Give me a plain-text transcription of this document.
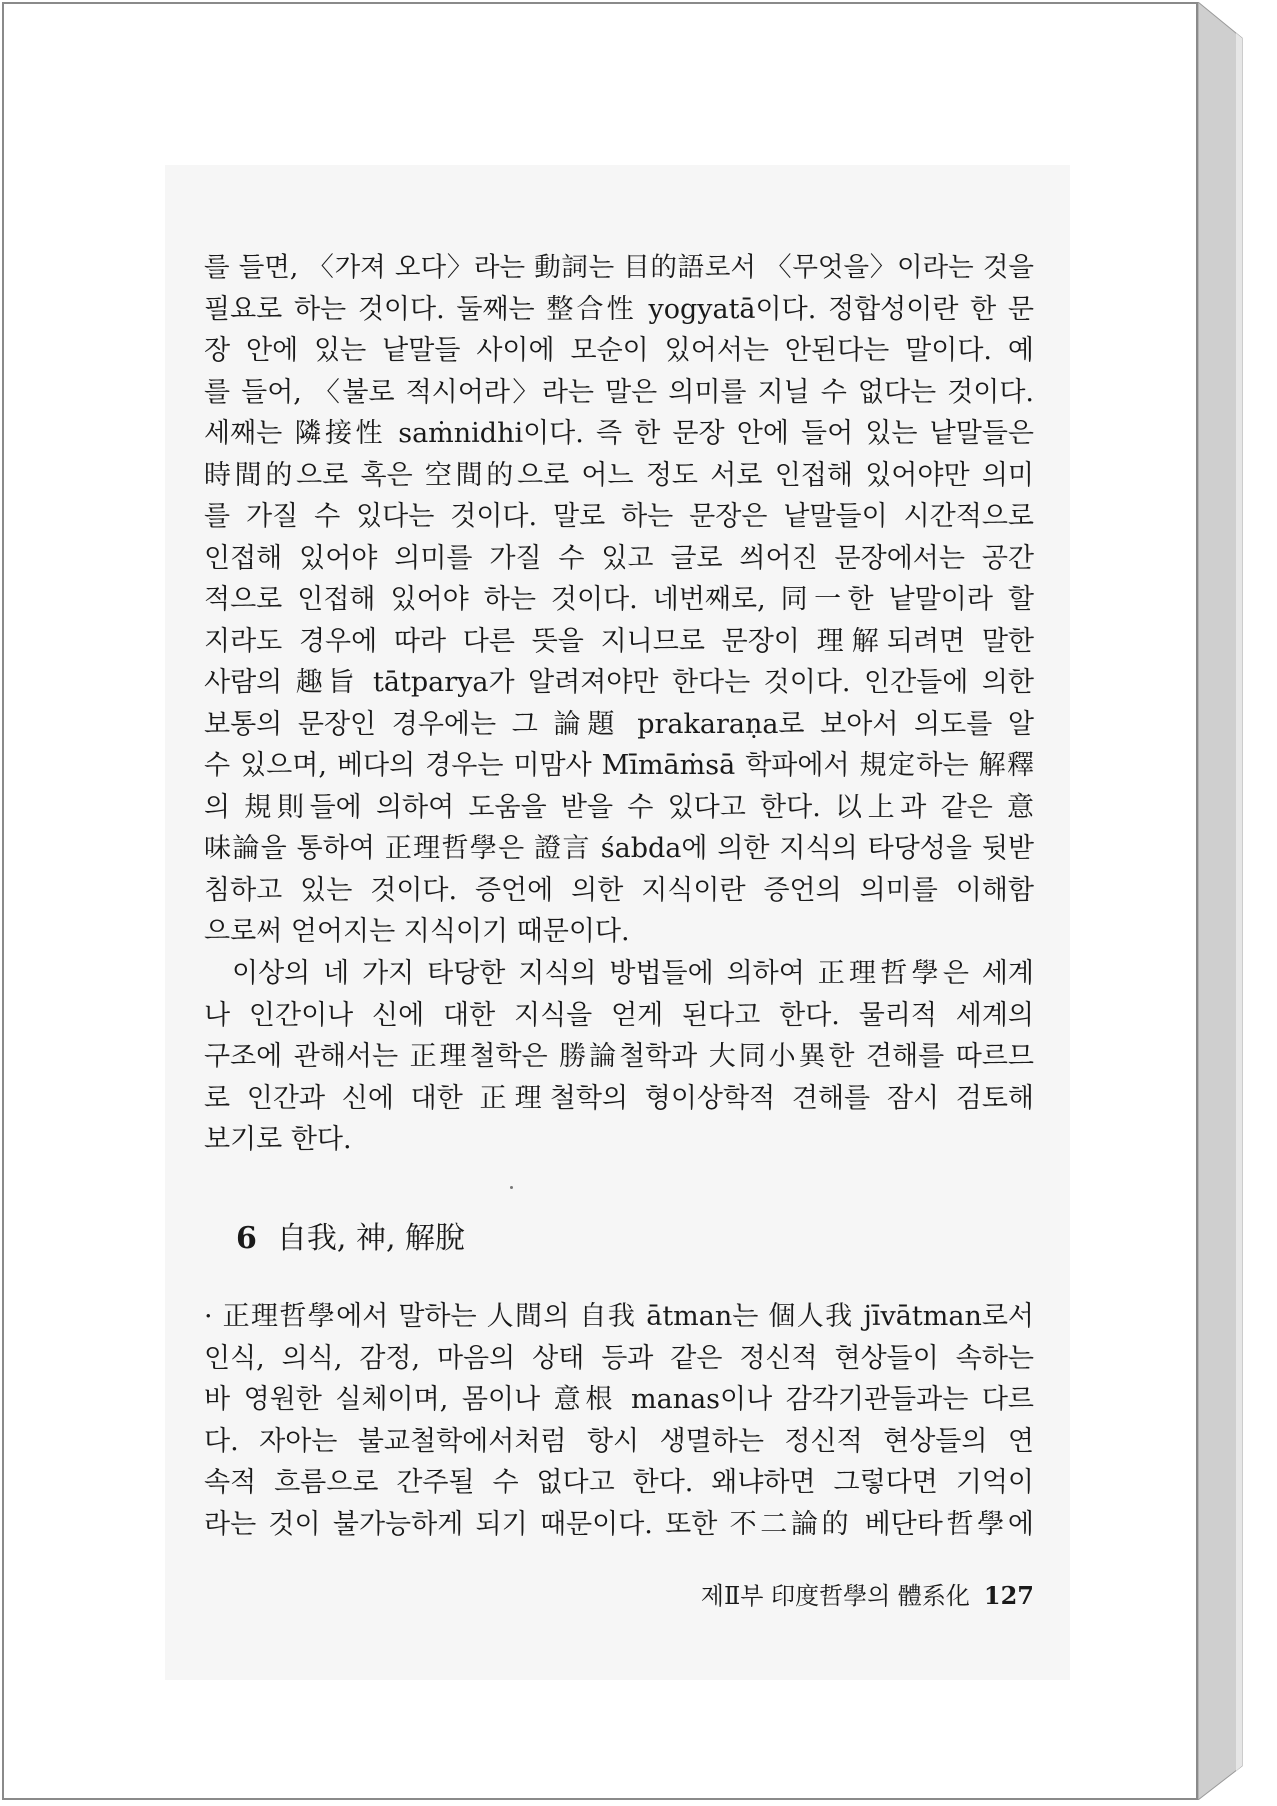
를 들면, 〈가져 오다〉라는 動詞는 目的語로서 〈무엇을〉이라는 것을
필요로 하는 것이다. 둘째는 整合性 yogyatā이다. 정합성이란 한 문
장 안에 있는 낱말들 사이에 모순이 있어서는 안된다는 말이다. 예
를 들어, 〈불로 적시어라〉라는 말은 의미를 지닐 수 없다는 것이다.
세째는 隣接性 saṁnidhi이다. 즉 한 문장 안에 들어 있는 낱말들은
時間的으로 혹은 空間的으로 어느 정도 서로 인접해 있어야만 의미
를 가질 수 있다는 것이다. 말로 하는 문장은 낱말들이 시간적으로
인접해 있어야 의미를 가질 수 있고 글로 씌어진 문장에서는 공간
적으로 인접해 있어야 하는 것이다. 네번째로, 同一한 낱말이라 할
지라도 경우에 따라 다른 뜻을 지니므로 문장이 理解되려면 말한
사람의 趣旨 tātparya가 알려져야만 한다는 것이다. 인간들에 의한
보통의 문장인 경우에는 그 論題 prakaraṇa로 보아서 의도를 알
수 있으며, 베다의 경우는 미맘사 Mīmāṁsā 학파에서 規定하는 解釋
의 規則들에 의하여 도움을 받을 수 있다고 한다. 以上과 같은 意
味論을 통하여 正理哲學은 證言 śabda에 의한 지식의 타당성을 뒷받
침하고 있는 것이다. 증언에 의한 지식이란 증언의 의미를 이해함
으로써 얻어지는 지식이기 때문이다.
이상의 네 가지 타당한 지식의 방법들에 의하여 正理哲學은 세계
나 인간이나 신에 대한 지식을 얻게 된다고 한다. 물리적 세계의
구조에 관해서는 正理철학은 勝論철학과 大同小異한 견해를 따르므
로 인간과 신에 대한 正理철학의 형이상학적 견해를 잠시 검토해
보기로 한다.
6 自我, 神, 解脫
· 正理哲學에서 말하는 人間의 自我 ātman는 個人我 jīvātman로서
인식, 의식, 감정, 마음의 상태 등과 같은 정신적 현상들이 속하는
바 영원한 실체이며, 몸이나 意根 manas이나 감각기관들과는 다르
다. 자아는 불교철학에서처럼 항시 생멸하는 정신적 현상들의 연
속적 흐름으로 간주될 수 없다고 한다. 왜냐하면 그렇다면 기억이
라는 것이 불가능하게 되기 때문이다. 또한 不二論的 베단타哲學에
제Ⅱ부 印度哲學의 體系化 127
